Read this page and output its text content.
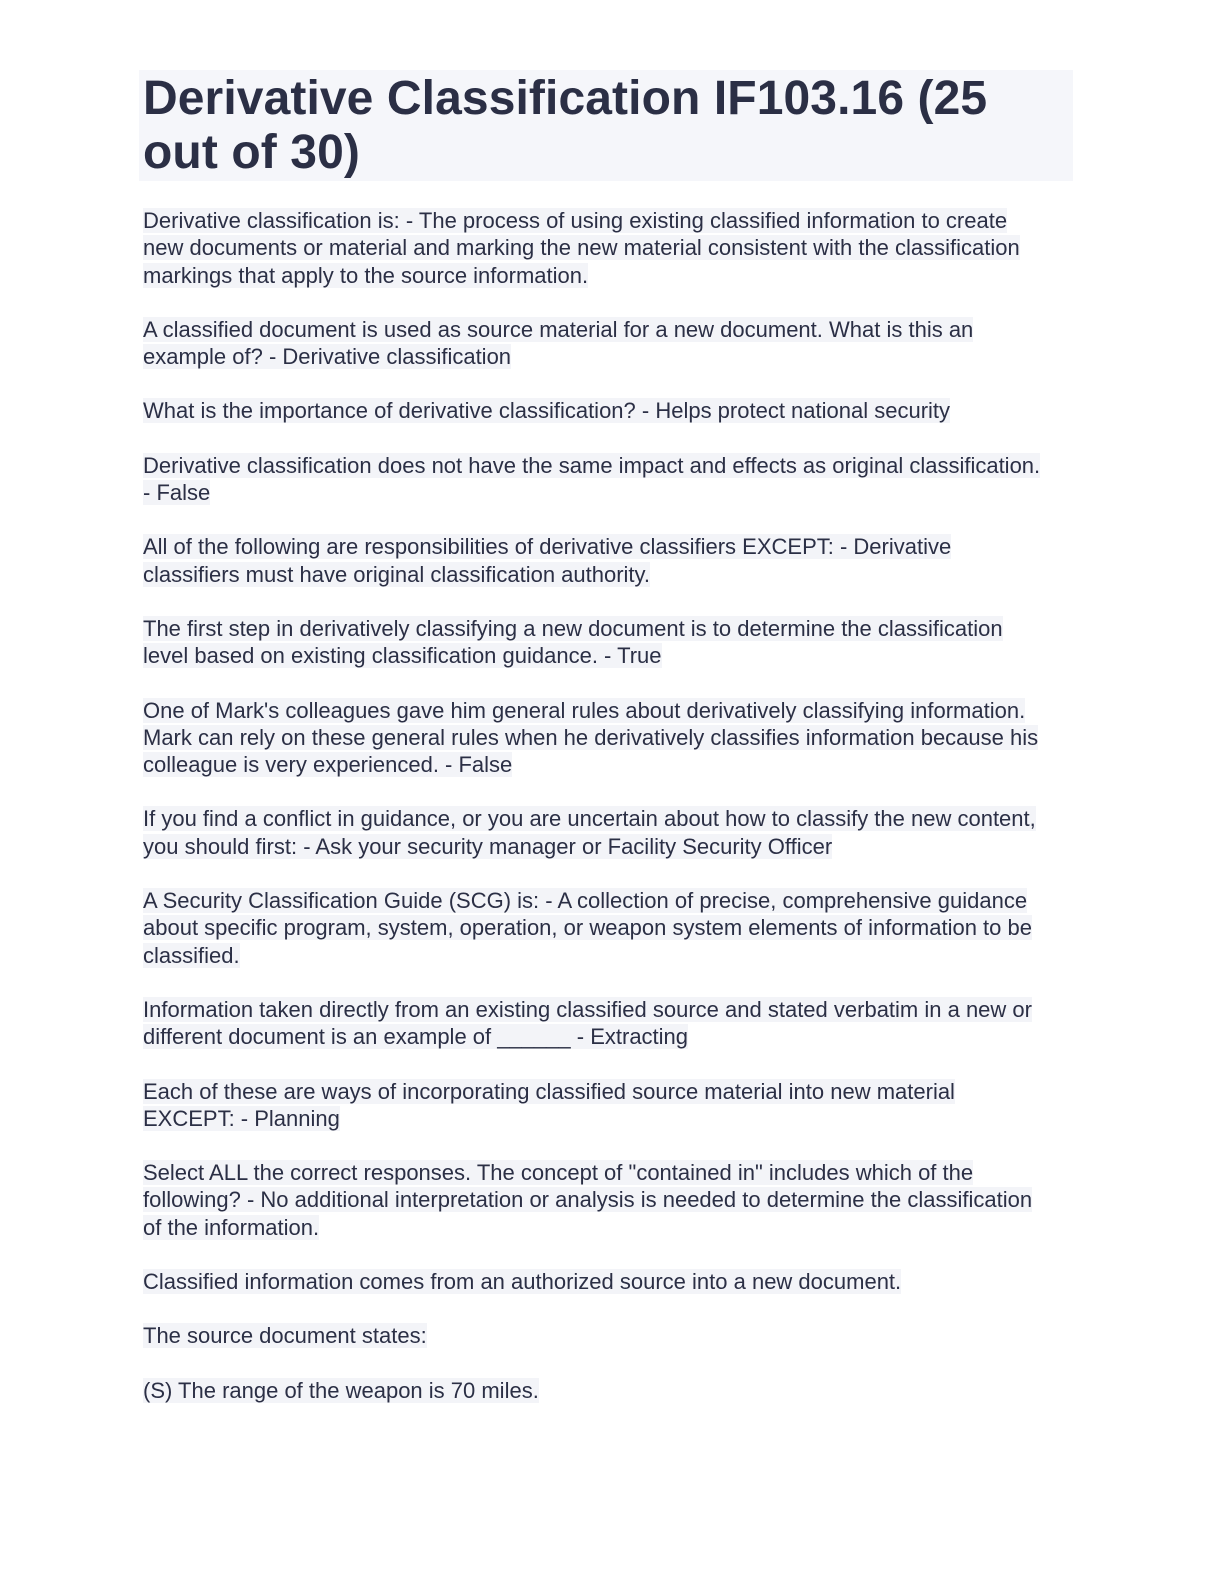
Derivative Classification IF103.16 (25 out of 30)

Derivative classification is: - The process of using existing classified information to create new documents or material and marking the new material consistent with the classification markings that apply to the source information.

A classified document is used as source material for a new document. What is this an example of? - Derivative classification

What is the importance of derivative classification? - Helps protect national security

Derivative classification does not have the same impact and effects as original classification. - False

All of the following are responsibilities of derivative classifiers EXCEPT: - Derivative classifiers must have original classification authority.

The first step in derivatively classifying a new document is to determine the classification level based on existing classification guidance. - True

One of Mark's colleagues gave him general rules about derivatively classifying information. Mark can rely on these general rules when he derivatively classifies information because his colleague is very experienced. - False

If you find a conflict in guidance, or you are uncertain about how to classify the new content, you should first: - Ask your security manager or Facility Security Officer

A Security Classification Guide (SCG) is: - A collection of precise, comprehensive guidance about specific program, system, operation, or weapon system elements of information to be classified.

Information taken directly from an existing classified source and stated verbatim in a new or different document is an example of ______ - Extracting

Each of these are ways of incorporating classified source material into new material EXCEPT: - Planning

Select ALL the correct responses. The concept of "contained in" includes which of the following? - No additional interpretation or analysis is needed to determine the classification of the information.

Classified information comes from an authorized source into a new document.

The source document states:

(S) The range of the weapon is 70 miles.
